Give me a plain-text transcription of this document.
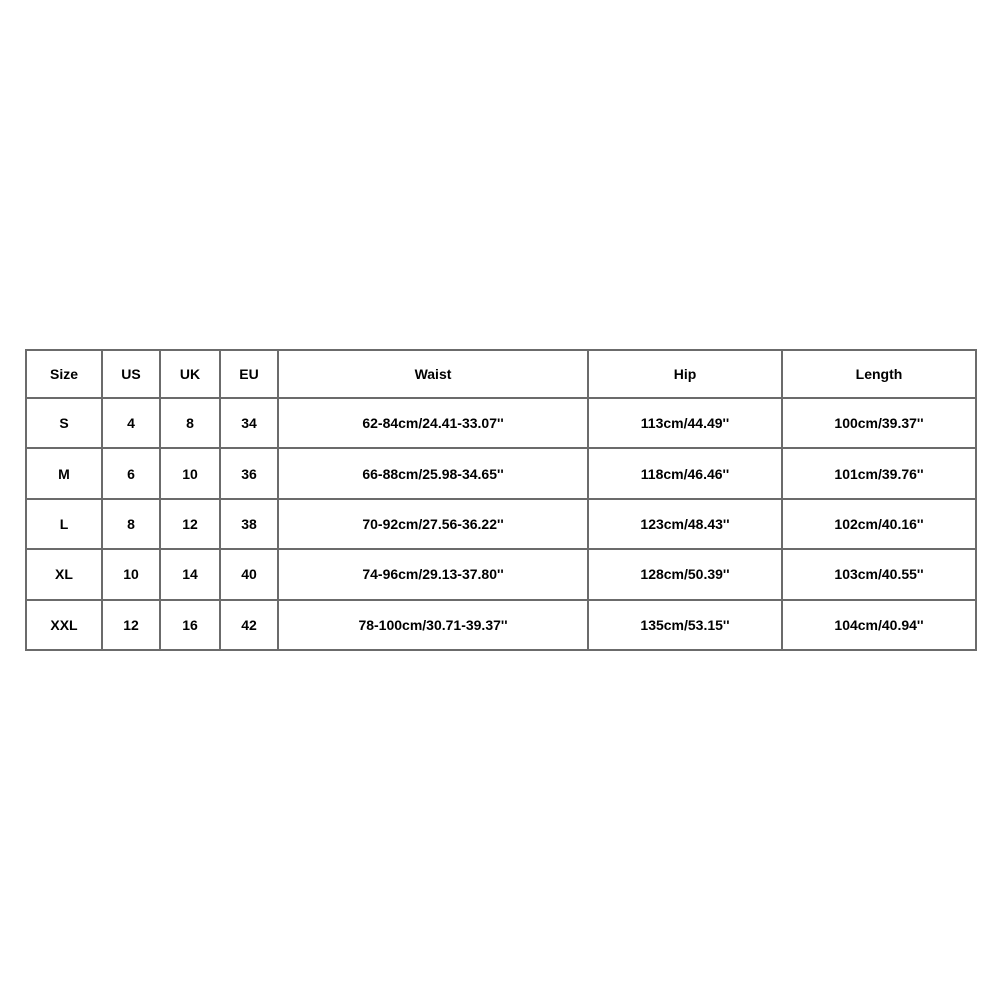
Size	US	UK	EU	Waist	Hip	Length
S	4	8	34	62-84cm/24.41-33.07''	113cm/44.49''	100cm/39.37''
M	6	10	36	66-88cm/25.98-34.65''	118cm/46.46''	101cm/39.76''
L	8	12	38	70-92cm/27.56-36.22''	123cm/48.43''	102cm/40.16''
XL	10	14	40	74-96cm/29.13-37.80''	128cm/50.39''	103cm/40.55''
XXL	12	16	42	78-100cm/30.71-39.37''	135cm/53.15''	104cm/40.94''
